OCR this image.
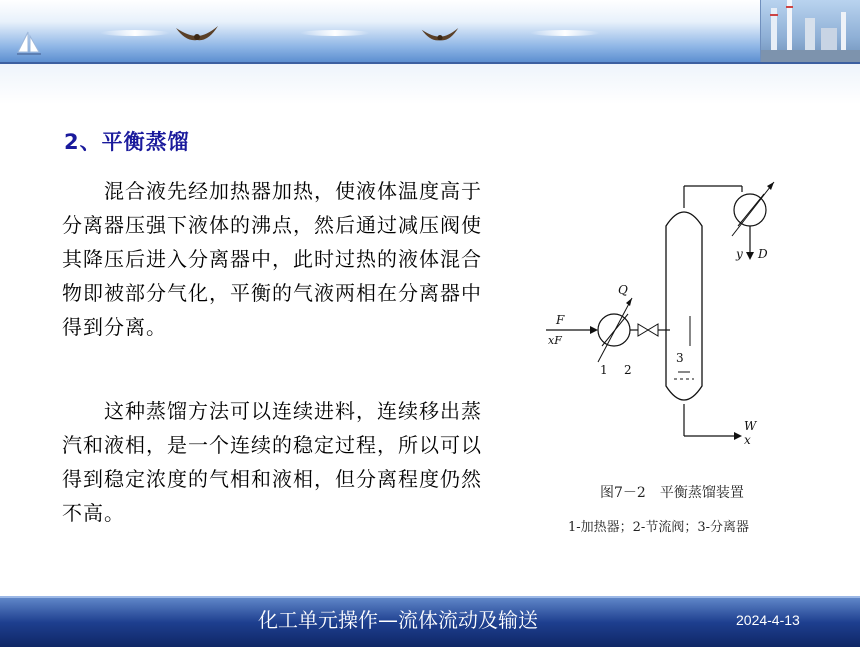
2、平衡蒸馏

　　混合液先经加热器加热，使液体温度高于分离器压强下液体的沸点，然后通过减压阀使其降压后进入分离器中，此时过热的液体混合物即被部分气化，平衡的气液两相在分离器中得到分离。

　　这种蒸馏方法可以连续进料，连续移出蒸汽和液相，是一个连续的稳定过程，所以可以得到稳定浓度的气相和液相，但分离程度仍然不高。

F
xF
Q
1 2
3
y D
W
x
图7－2　平衡蒸馏装置
1-加热器；2-节流阀；3-分离器

化工单元操作—流体流动及输送	2024-4-13
